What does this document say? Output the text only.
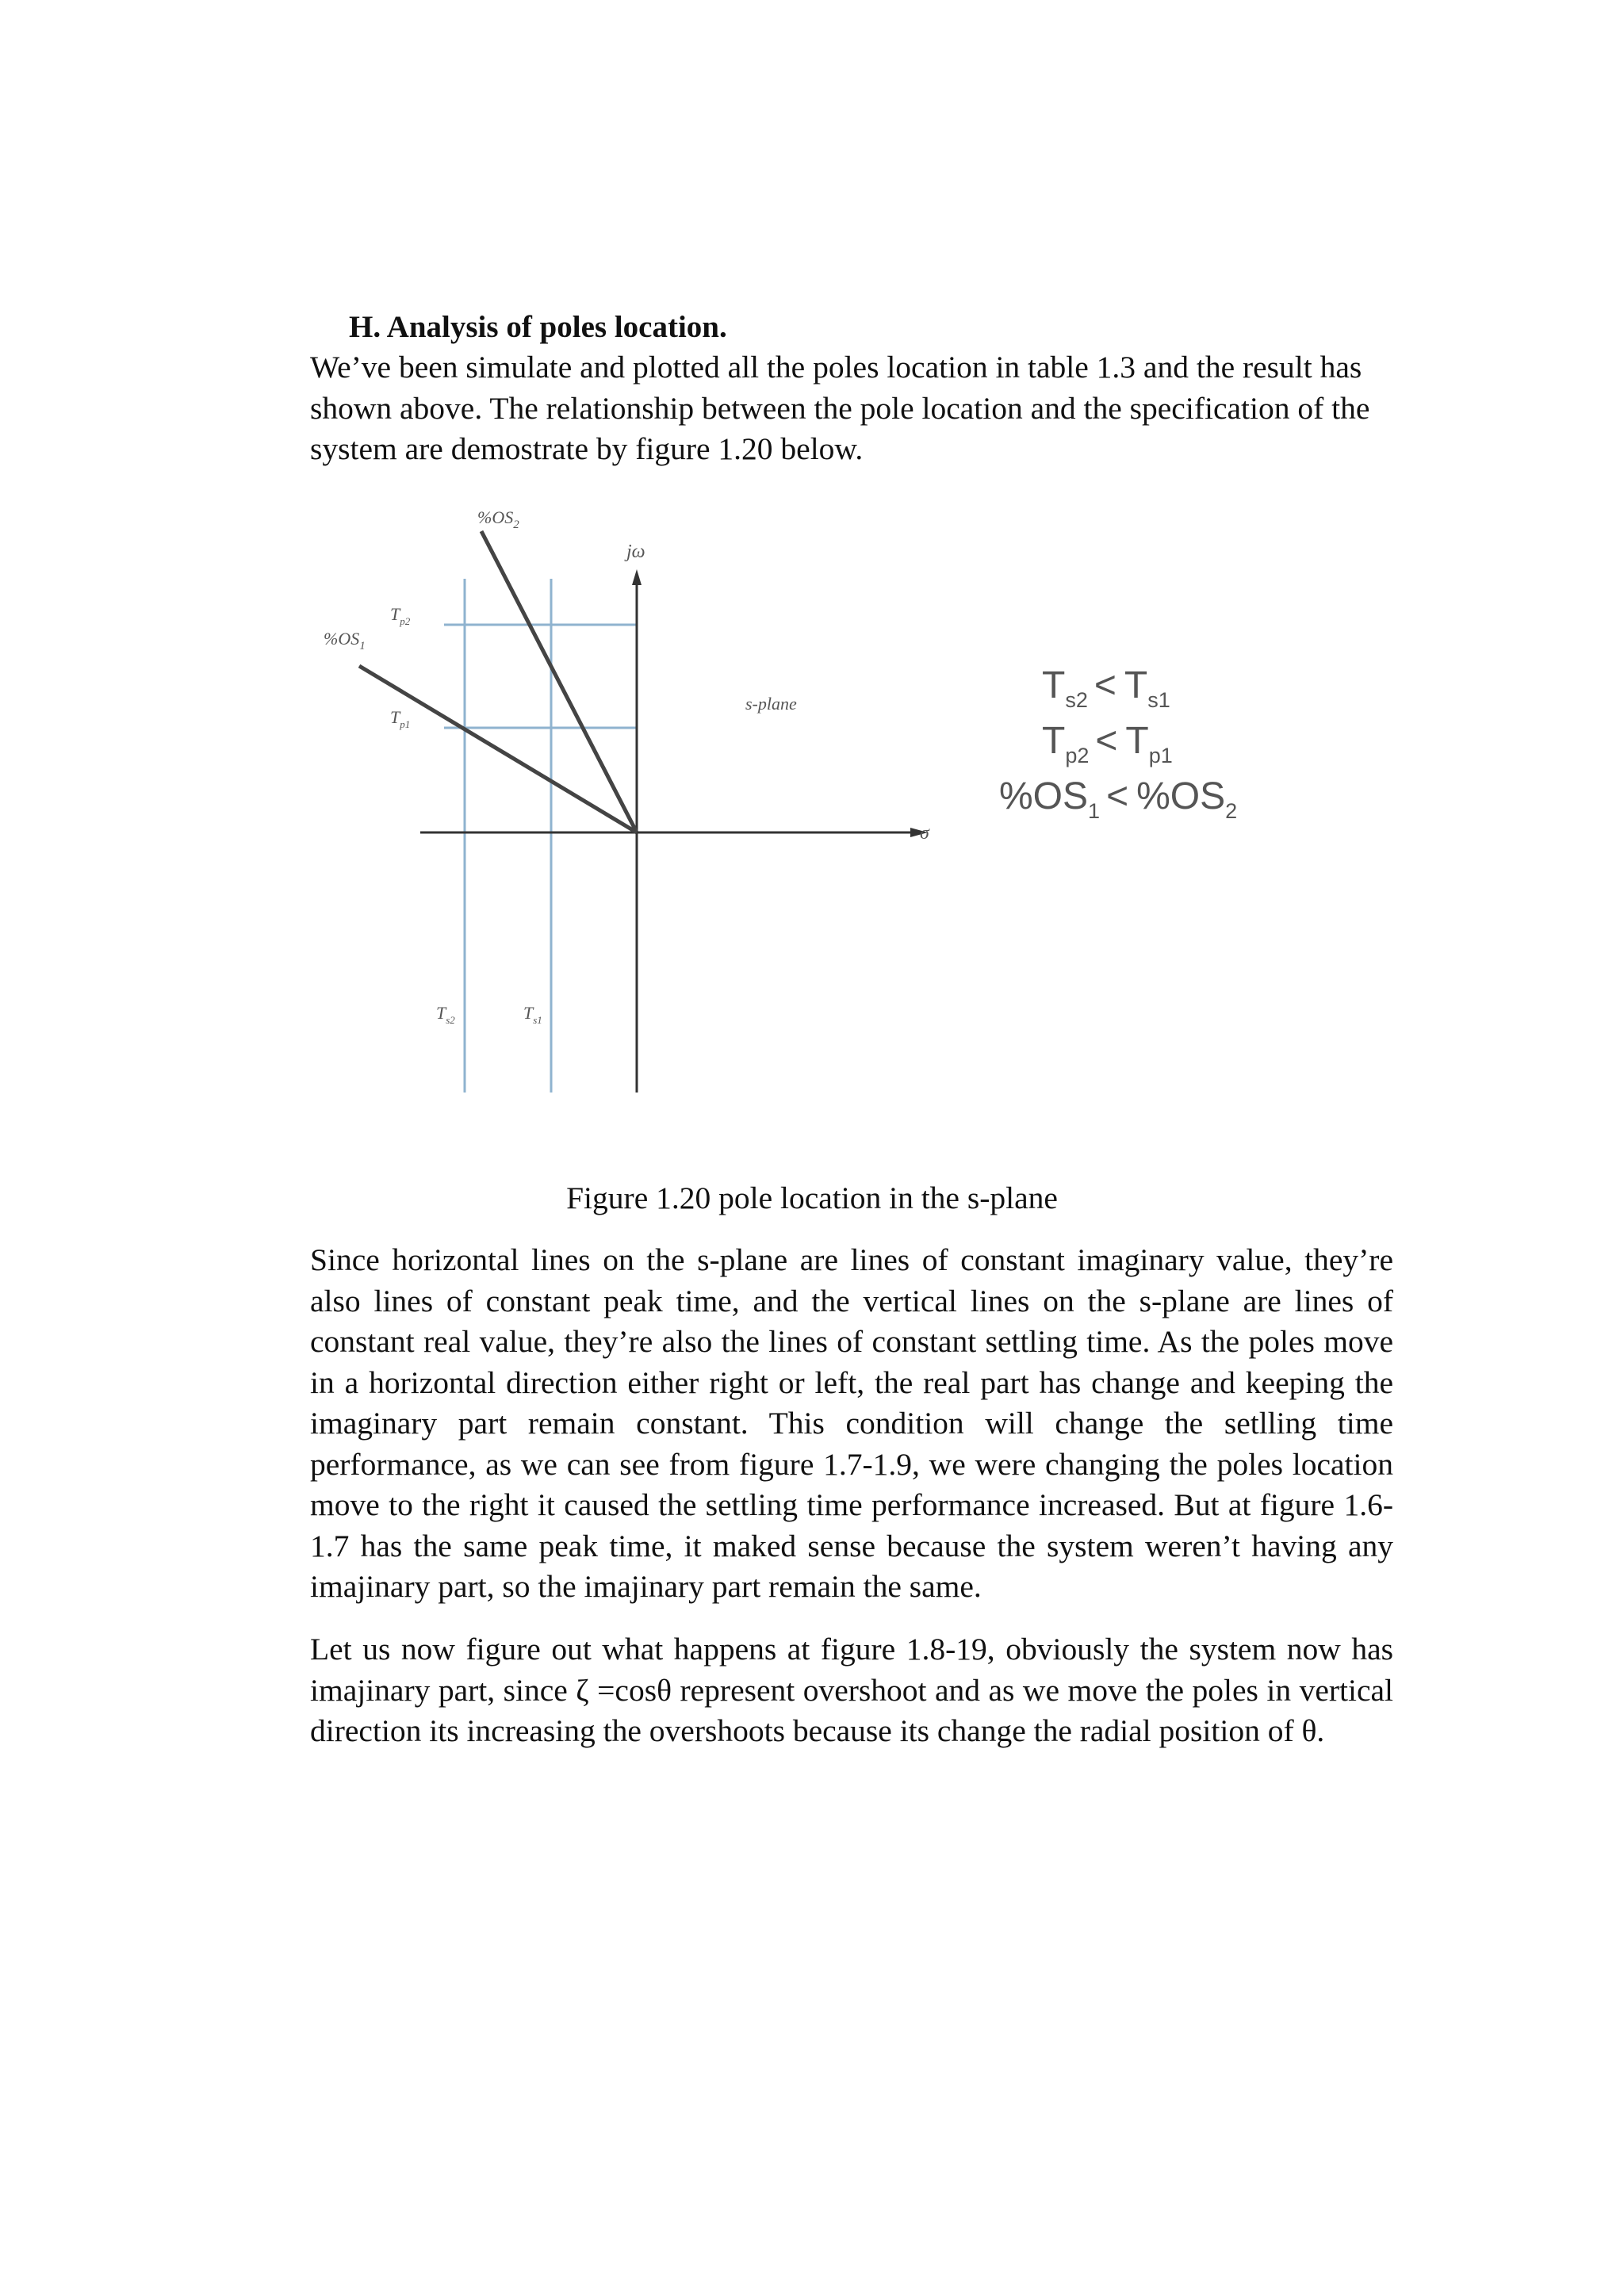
H. Analysis of poles location.

We’ve been simulate and plotted all the poles location in table 1.3 and the result has shown above. The relationship between the pole location and the specification of the system are demostrate by figure 1.20 below.

$\%OS_2$
$\%OS_1$
jω
$T_{p2}$
$T_{p1}$
$T_{s2}$	$T_{s1}$
s-plane
σ
$T_{s2} < T_{s1}$
$T_{p2} < T_{p1}$
$\%OS_1 < \%OS_2$

Figure 1.20 pole location in the s-plane

Since horizontal lines on the s-plane are lines of constant imaginary value, they’re also lines of constant peak time, and the vertical lines on the s-plane are lines of constant real value, they’re also the lines of constant settling time. As the poles move in a horizontal direction either right or left, the real part has change and keeping the imaginary part remain constant. This condition will change the setlling time performance, as we can see from figure 1.7-1.9, we were changing the poles location move to the right it caused the settling time performance increased. But at figure 1.6-1.7 has the same peak time, it maked sense because the system weren’t having any imajinary part, so the imajinary part remain the same.

Let us now figure out what happens at figure 1.8-19, obviously the system now has imajinary part, since ζ =cosθ represent overshoot and as we move the poles in vertical direction its increasing the overshoots because its change the radial position of θ.
